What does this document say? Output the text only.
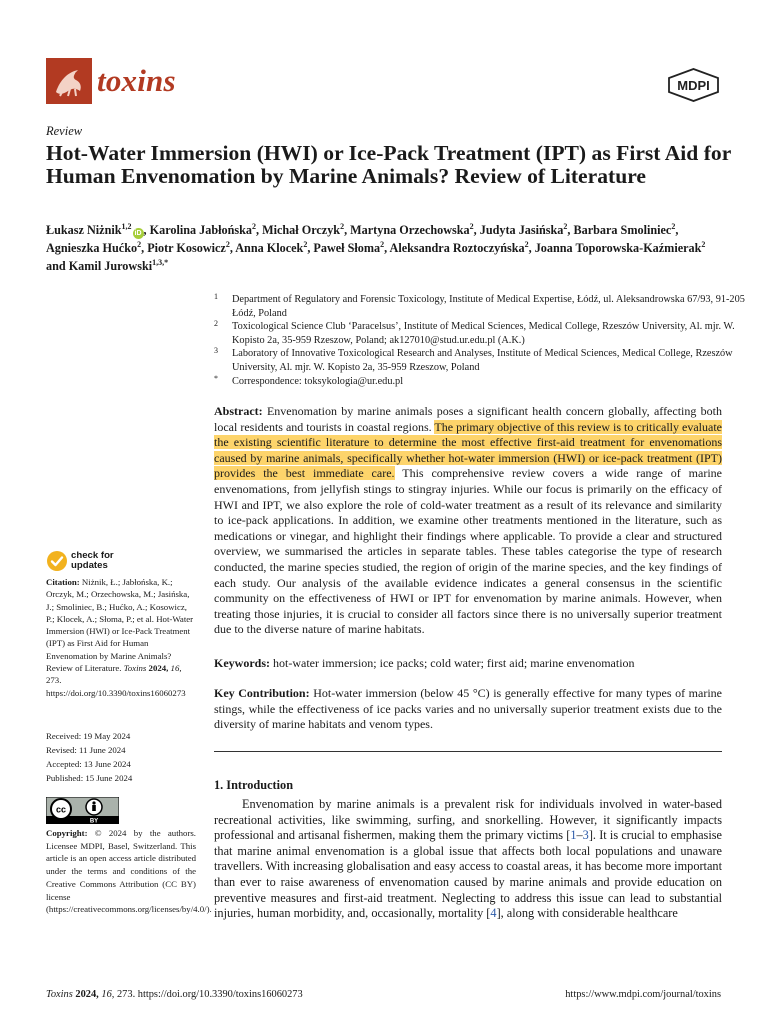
toxins	MDPI
Review
Hot-Water Immersion (HWI) or Ice-Pack Treatment (IPT) as First Aid for Human Envenomation by Marine Animals? Review of Literature
Łukasz Niżnik$^{1,2}$iD , Karolina Jabłońska$^2$, Michał Orczyk$^2$, Martyna Orzechowska$^2$, Judyta Jasińska$^2$, Barbara Smoliniec$^2$, Agnieszka Hućko$^2$, Piotr Kosowicz$^2$, Anna Klocek$^2$, Paweł Słoma$^2$, Aleksandra Roztoczyńska$^2$, Joanna Toporowska-Kaźmierak$^2$ and Kamil Jurowski$^{1,3,*}$
1 Department of Regulatory and Forensic Toxicology, Institute of Medical Expertise, Łódź, ul. Aleksandrowska 67/93, 91-205 Łódź, Poland
2 Toxicological Science Club ‘Paracelsus’, Institute of Medical Sciences, Medical College, Rzeszów University, Al. mjr. W. Kopisto 2a, 35-959 Rzeszow, Poland; ak127010@stud.ur.edu.pl (A.K.)
3 Laboratory of Innovative Toxicological Research and Analyses, Institute of Medical Sciences, Medical College, Rzeszów University, Al. mjr. W. Kopisto 2a, 35-959 Rzeszow, Poland
* Correspondence: toksykologia@ur.edu.pl
Abstract: Envenomation by marine animals poses a significant health concern globally, affecting both local residents and tourists in coastal regions. The primary objective of this review is to critically evaluate the existing scientific literature to determine the most effective first-aid treatment for envenomations caused by marine animals, specifically whether hot-water immersion (HWI) or ice-pack treatment (IPT) provides the best immediate care. This comprehensive review covers a wide range of marine envenomations, from jellyfish stings to stingray injuries. While our focus is primarily on the efficacy of HWI and IPT, we also explore the role of cold-water treatment as a result of its relevance and similarity to ice-pack applications. In addition, we examine other treatments mentioned in the literature, such as medications or vinegar, and highlight their findings where applicable. To provide a clear and structured overview, we summarised the articles in separate tables. These tables categorise the type of research conducted, the marine species studied, the region of origin of the marine species, and the key findings of each study. Our analysis of the available evidence indicates a general consensus in the scientific community on the effectiveness of HWI or IPT for envenomation by marine animals. However, when treating those injuries, it is crucial to consider all factors since there is no universally superior treatment due to the diverse nature of marine habitats.
Keywords: hot-water immersion; ice packs; cold water; first aid; marine envenomation
Key Contribution: Hot-water immersion (below 45 °C) is generally effective for many types of marine stings, while the effectiveness of ice packs varies and no universally superior treatment exists due to the diversity of marine habitats and venom types.
1. Introduction
Envenomation by marine animals is a prevalent risk for individuals involved in water-based recreational activities, like swimming, surfing, and snorkelling. However, it significantly impacts professional and artisanal fishermen, making them the primary victims [1–3]. It is crucial to emphasise that marine animal envenomation is a global issue that affects both local populations and unaware travellers. With increasing globalisation and easy access to coastal areas, it has become more important than ever to raise awareness of envenomation caused by marine animals and provide education on preventive measures and first-aid treatment. Neglecting to address this issue can lead to substantial injuries, human morbidity, and, occasionally, mortality [4], along with considerable healthcare
check for
updates
Citation: Niżnik, Ł.; Jabłońska, K.; Orczyk, M.; Orzechowska, M.; Jasińska, J.; Smoliniec, B.; Hućko, A.; Kosowicz, P.; Klocek, A.; Słoma, P.; et al. Hot-Water Immersion (HWI) or Ice-Pack Treatment (IPT) as First Aid for Human Envenomation by Marine Animals? Review of Literature. Toxins 2024, 16, 273. https://doi.org/10.3390/toxins16060273
Received: 19 May 2024
Revised: 11 June 2024
Accepted: 13 June 2024
Published: 15 June 2024
cc
BY
Copyright: © 2024 by the authors. Licensee MDPI, Basel, Switzerland. This article is an open access article distributed under the terms and conditions of the Creative Commons Attribution (CC BY) license (https://creativecommons.org/licenses/by/4.0/).
Toxins 2024, 16, 273. https://doi.org/10.3390/toxins16060273	https://www.mdpi.com/journal/toxins
